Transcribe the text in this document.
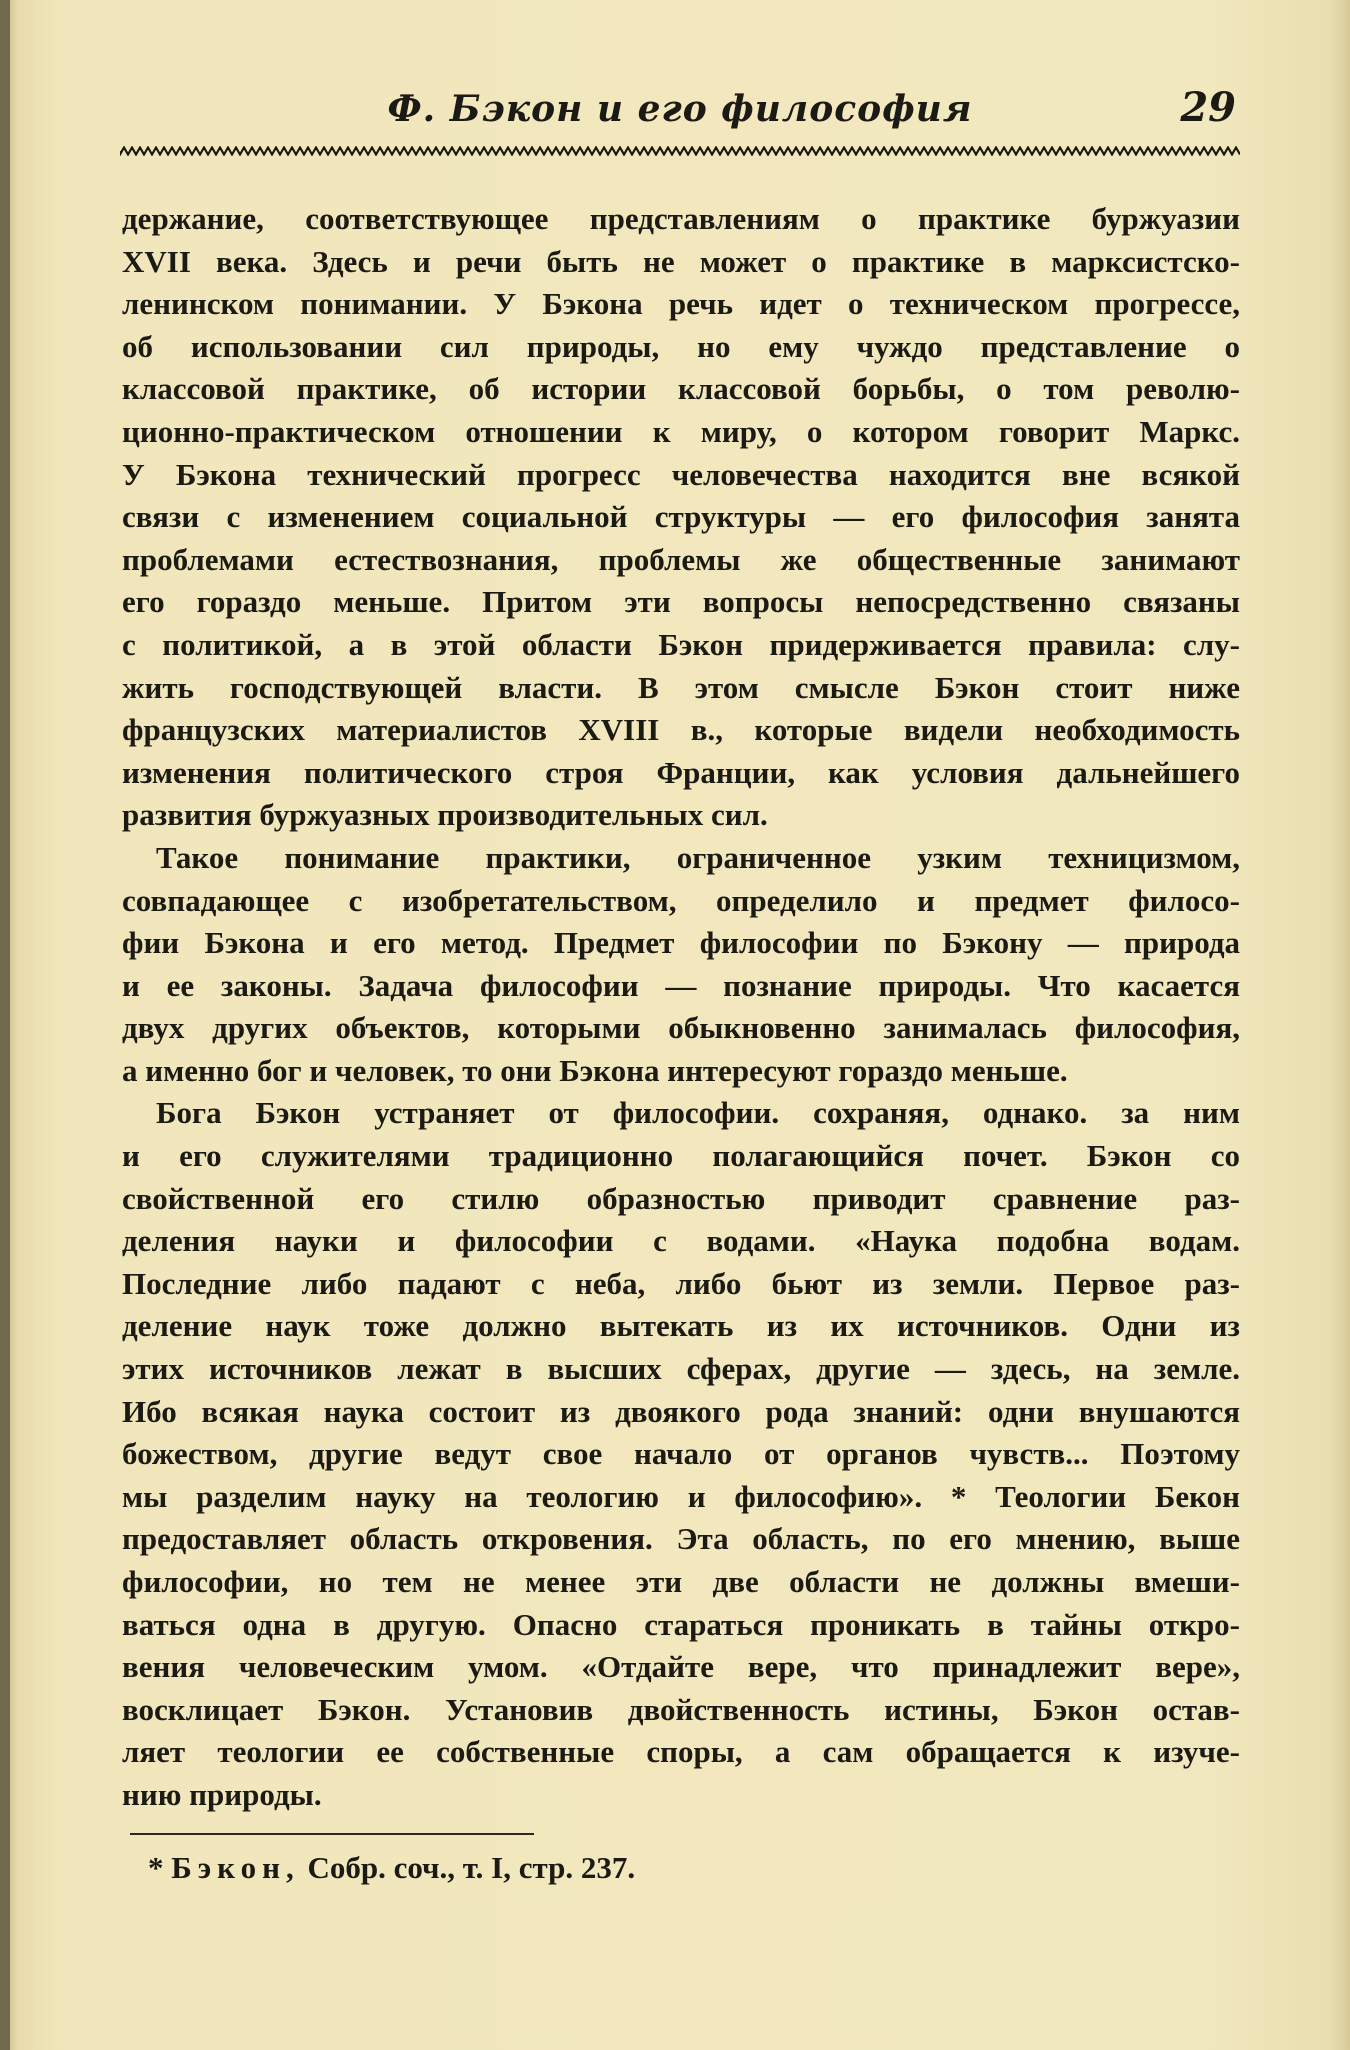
Ф. Бэкон и его философия	29
держание, соответствующее представлениям о практике буржуазии
XVII века. Здесь и речи быть не может о практике в марксистско-
ленинском понимании. У Бэкона речь идет о техническом прогрессе,
об использовании сил природы, но ему чуждо представление о
классовой практике, об истории классовой борьбы, о том револю-
ционно-практическом отношении к миру, о котором говорит Маркс.
У Бэкона технический прогресс человечества находится вне всякой
связи с изменением социальной структуры — его философия занята
проблемами естествознания, проблемы же общественные занимают
его гораздо меньше. Притом эти вопросы непосредственно связаны
с политикой, а в этой области Бэкон придерживается правила: слу-
жить господствующей власти. В этом смысле Бэкон стоит ниже
французских материалистов XVIII в., которые видели необходимость
изменения политического строя Франции, как условия дальнейшего
развития буржуазных производительных сил.
Такое понимание практики, ограниченное узким техницизмом,
совпадающее с изобретательством, определило и предмет филосо-
фии Бэкона и его метод. Предмет философии по Бэкону — природа
и ее законы. Задача философии — познание природы. Что касается
двух других объектов, которыми обыкновенно занималась философия,
а именно бог и человек, то они Бэкона интересуют гораздо меньше.
Бога Бэкон устраняет от философии. сохраняя, однако. за ним
и его служителями традиционно полагающийся почет. Бэкон со
свойственной его стилю образностью приводит сравнение раз-
деления науки и философии с водами. «Наука подобна водам.
Последние либо падают с неба, либо бьют из земли. Первое раз-
деление наук тоже должно вытекать из их источников. Одни из
этих источников лежат в высших сферах, другие — здесь, на земле.
Ибо всякая наука состоит из двоякого рода знаний: одни внушаются
божеством, другие ведут свое начало от органов чувств... Поэтому
мы разделим науку на теологию и философию». * Теологии Бекон
предоставляет область откровения. Эта область, по его мнению, выше
философии, но тем не менее эти две области не должны вмеши-
ваться одна в другую. Опасно стараться проникать в тайны откро-
вения человеческим умом. «Отдайте вере, что принадлежит вере»,
восклицает Бэкон. Установив двойственность истины, Бэкон остав-
ляет теологии ее собственные споры, а сам обращается к изуче-
нию природы.
* Бэкон, Собр. соч., т. I, стр. 237.
